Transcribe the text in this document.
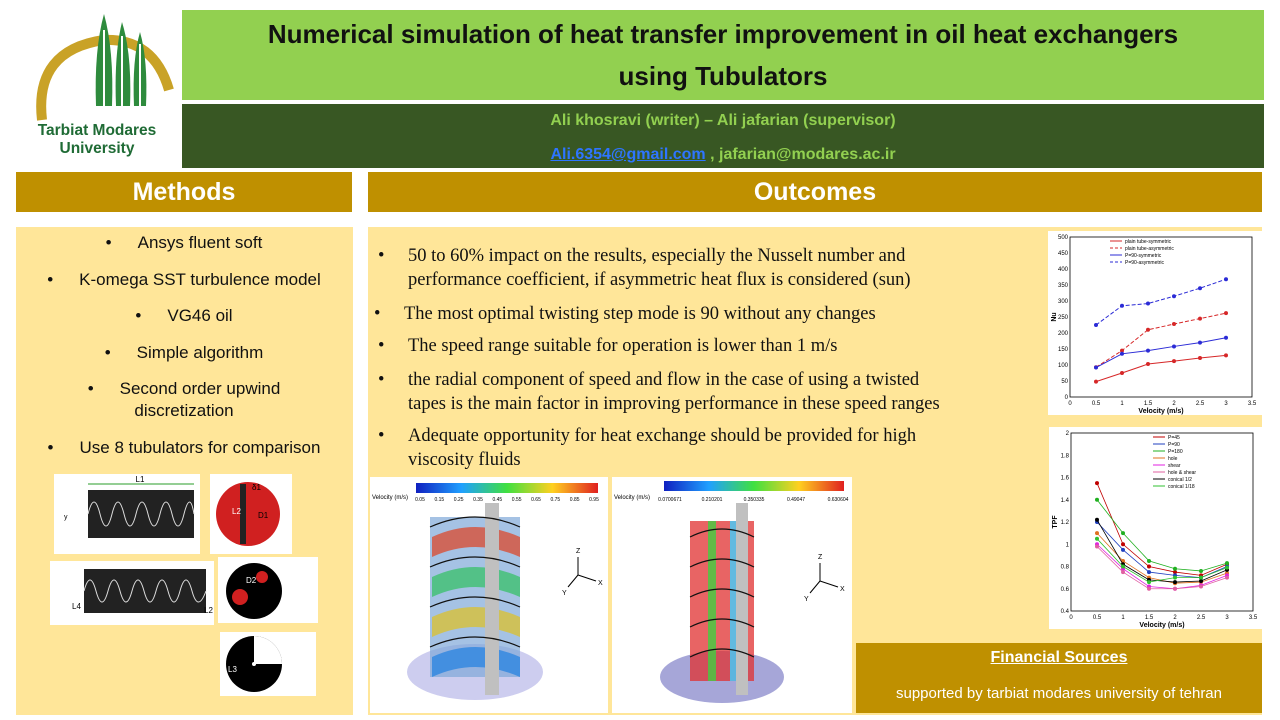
Tarbiat Modares
University
Numerical simulation of heat transfer improvement in oil heat exchangers
using Tubulators
Ali khosravi (writer) – Ali jafarian (supervisor)
Ali.6354@gmail.com , jafarian@modares.ac.ir
Methods	Outcomes
• Ansys fluent soft
• K-omega SST turbulence model
• VG46 oil
• Simple algorithm
• Second order upwind
discretization
• Use 8 tubulators for comparison
L1
y
L2 D1
δ1
L4	L2
D2
L3
• 50 to 60% impact on the results, especially the Nusselt number and
performance coefficient, if asymmetric heat flux is considered (sun)
• The most optimal twisting step mode is 90 without any changes
• The speed range suitable for operation is lower than 1 m/s
• the radial component of speed and flow in the case of using a twisted
tapes is the main factor in improving performance in these speed ranges
• Adequate opportunity for heat exchange should be provided for high
viscosity fluids
Velocity (m/s) 0.05 0.15 0.25 0.35 0.45 0.55 0.65 0.75 0.85 0.95
Z
X
Y
Velocity (m/s) 0.0700671	0.210201	0.350335	0.49047	0.630604
Z
X
Y
0	0.5	1	1.5	2	2.5	3	3.5
0
50
100
150
200
250
300
350
400
450
500
Velocity (m/s)
Nu
plain tube-symmetric
plain tube-asymmetric
P=90-symmetric
P=90-asymmetric
0	0.5	1	1.5	2	2.5	3	3.5
0.4
0.6
0.8
1
1.2
1.4
1.6
1.8
2
Velocity (m/s)
TPF
P=45
P=90
P=180
hole
shear
hole & shear
conical 1/2
conical 1/18
Financial Sources
supported by tarbiat modares university of tehran
